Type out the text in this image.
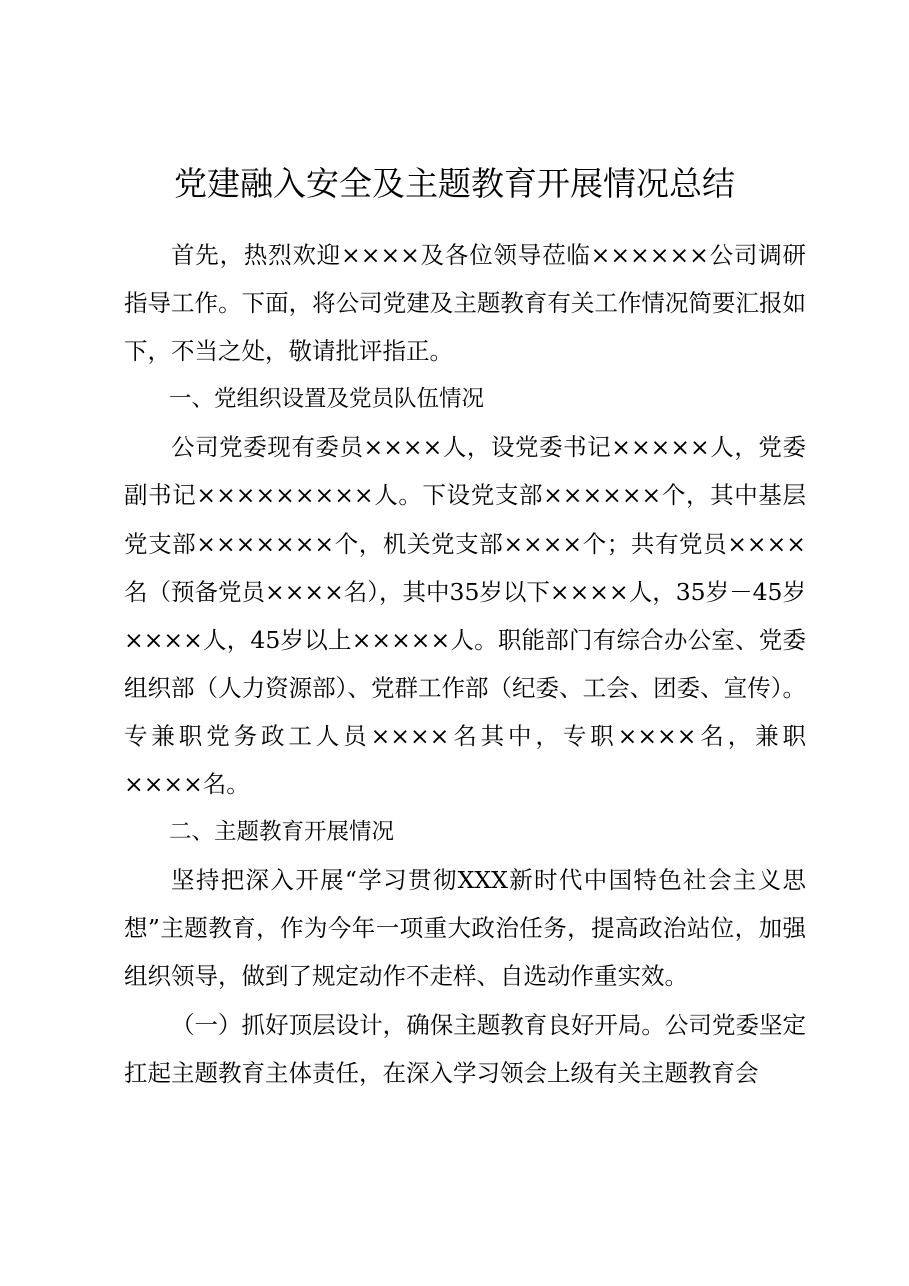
党建融入安全及主题教育开展情况总结

首先，热烈欢迎××××及各位领导莅临××××××公司调研指导工作。下面，将公司党建及主题教育有关工作情况简要汇报如下，不当之处，敬请批评指正。

一、党组织设置及党员队伍情况

公司党委现有委员××××人，设党委书记×××××人，党委副书记×××××××××人。下设党支部××××××个，其中基层党支部×××××××个，机关党支部××××个；共有党员××××名（预备党员××××名），其中35岁以下××××人，35岁－45岁××××人，45岁以上×××××人。职能部门有综合办公室、党委组织部（人力资源部）、党群工作部（纪委、工会、团委、宣传）。专兼职党务政工人员××××名其中，专职××××名，兼职××××名。

二、主题教育开展情况

坚持把深入开展“学习贯彻XXX新时代中国特色社会主义思想”主题教育，作为今年一项重大政治任务，提高政治站位，加强组织领导，做到了规定动作不走样、自选动作重实效。

（一）抓好顶层设计，确保主题教育良好开局。公司党委坚定扛起主题教育主体责任，在深入学习领会上级有关主题教育会
